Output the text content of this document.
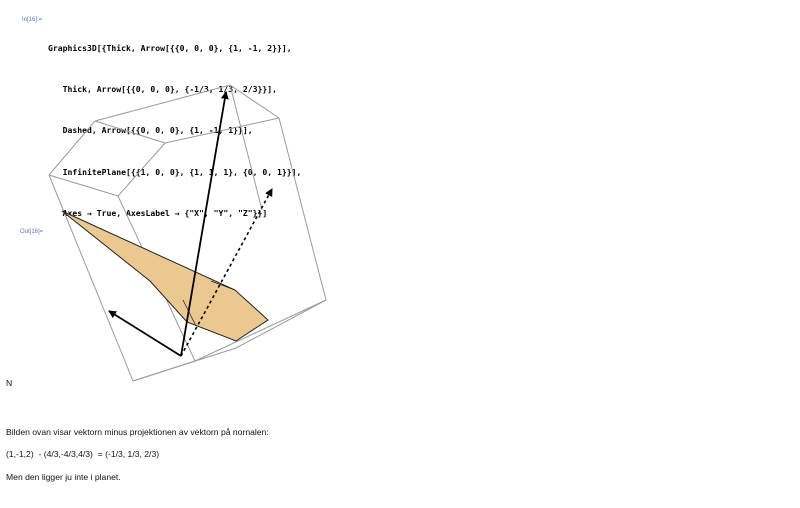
In[16]:=

Graphics3D[{Thick, Arrow[{{0, 0, 0}, {1, -1, 2}}],

Thick, Arrow[{{0, 0, 0}, {-1/3, 1/3, 2/3}}],

Dashed, Arrow[{{0, 0, 0}, {1, -1, 1}}],

InfinitePlane[{{1, 0, 0}, {1, 1, 1}, {0, 0, 1}}],

Axes → True, AxesLabel → {"X", "Y", "Z"}}]

Out[16]=
N
Bilden ovan visar vektorn minus projektionen av vektorn på nornalen:
(1,-1,2)  - (4/3,-4/3,4/3)  = (-1/3, 1/3, 2/3)
Men den ligger ju inte i planet.
